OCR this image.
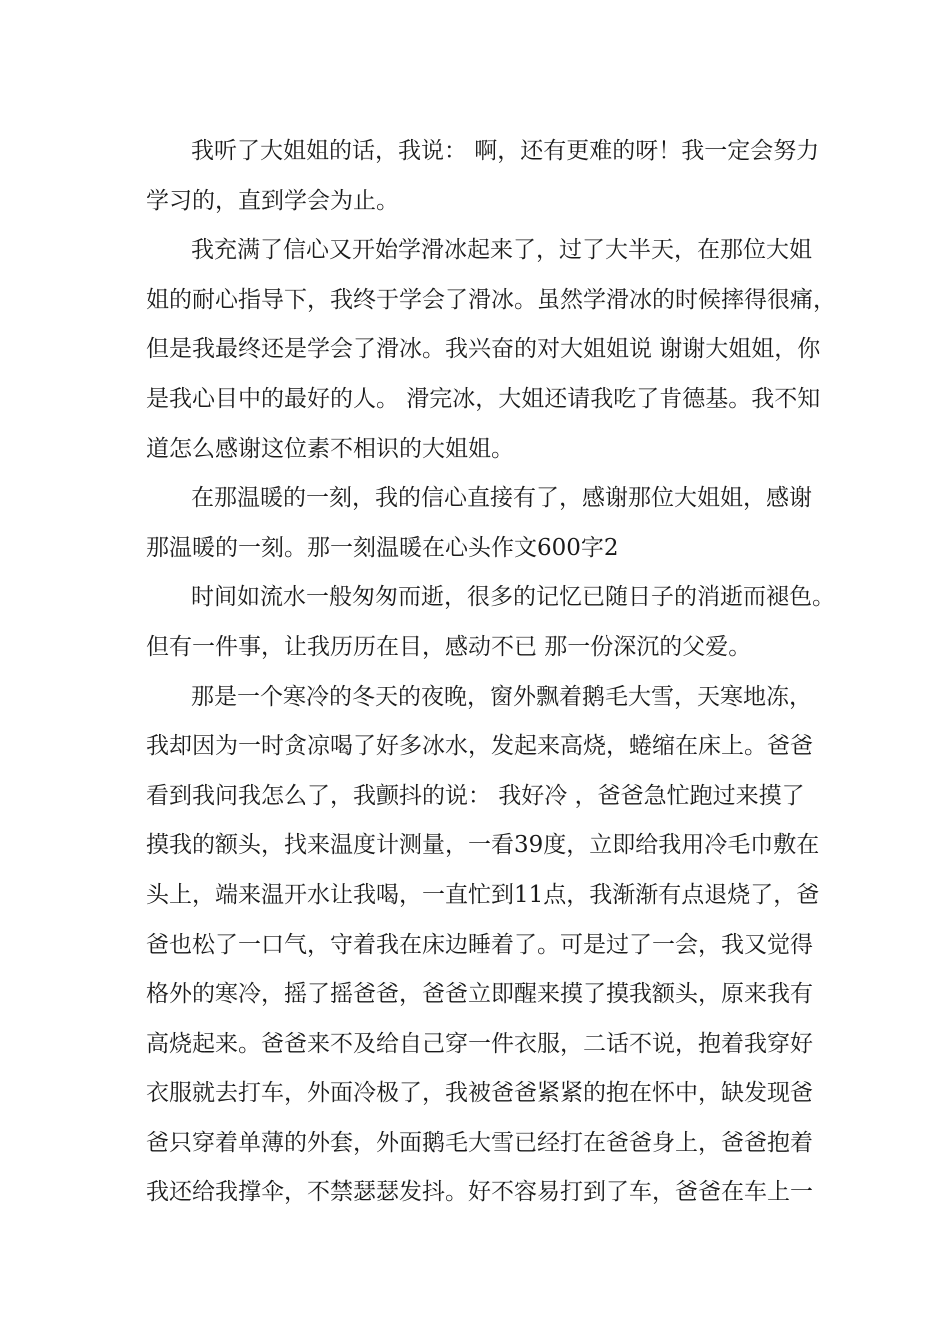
我听了大姐姐的话，我说： 啊，还有更难的呀！我一定会努力
学习的，直到学会为止。
我充满了信心又开始学滑冰起来了，过了大半天，在那位大姐
姐的耐心指导下，我终于学会了滑冰。虽然学滑冰的时候摔得很痛，
但是我最终还是学会了滑冰。我兴奋的对大姐姐说 谢谢大姐姐，你
是我心目中的最好的人。 滑完冰，大姐还请我吃了肯德基。我不知
道怎么感谢这位素不相识的大姐姐。
在那温暖的一刻，我的信心直接有了，感谢那位大姐姐，感谢
那温暖的一刻。那一刻温暖在心头作文600字2
时间如流水一般匆匆而逝，很多的记忆已随日子的消逝而褪色。
但有一件事，让我历历在目，感动不已 那一份深沉的父爱。
那是一个寒冷的冬天的夜晚，窗外飘着鹅毛大雪，天寒地冻，
我却因为一时贪凉喝了好多冰水，发起来高烧，蜷缩在床上。爸爸
看到我问我怎么了，我颤抖的说： 我好冷 ，爸爸急忙跑过来摸了
摸我的额头，找来温度计测量，一看39度，立即给我用冷毛巾敷在
头上，端来温开水让我喝，一直忙到11点，我渐渐有点退烧了，爸
爸也松了一口气，守着我在床边睡着了。可是过了一会，我又觉得
格外的寒冷，摇了摇爸爸，爸爸立即醒来摸了摸我额头，原来我有
高烧起来。爸爸来不及给自己穿一件衣服，二话不说，抱着我穿好
衣服就去打车，外面冷极了，我被爸爸紧紧的抱在怀中，缺发现爸
爸只穿着单薄的外套，外面鹅毛大雪已经打在爸爸身上，爸爸抱着
我还给我撑伞，不禁瑟瑟发抖。好不容易打到了车，爸爸在车上一
